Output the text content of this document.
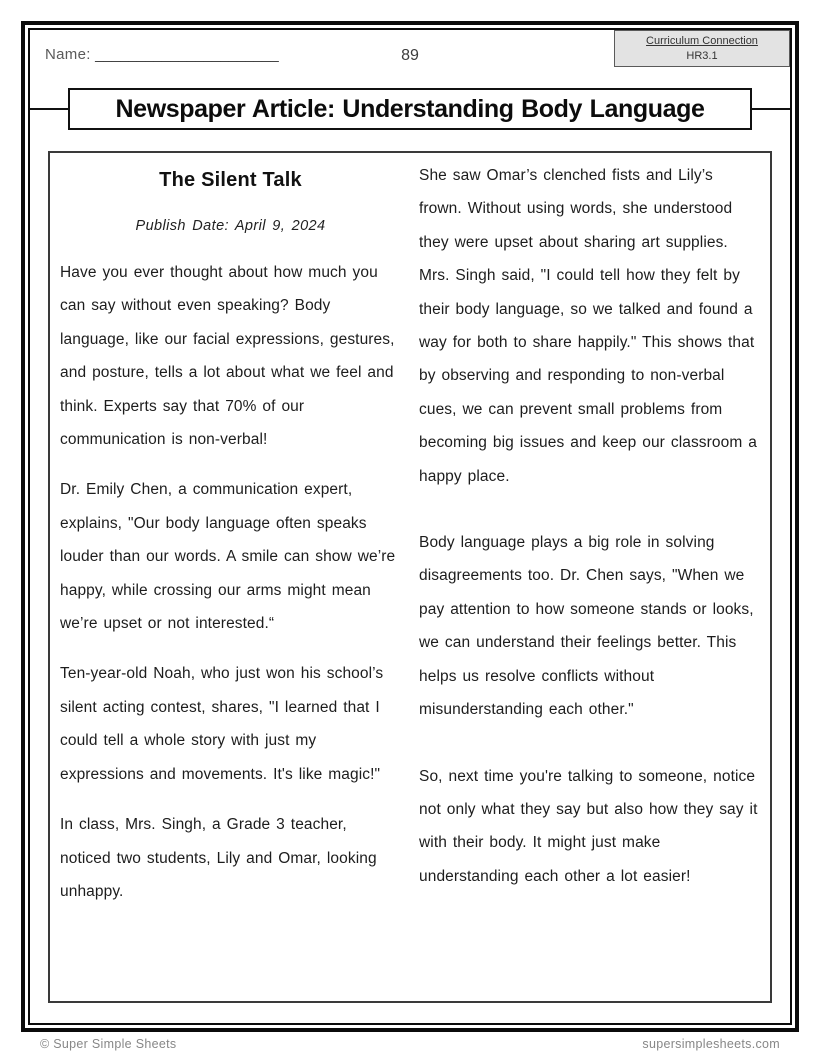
Name: ______________________	89
Curriculum Connection
HR3.1
Newspaper Article: Understanding Body Language
The Silent Talk
Publish Date: April 9, 2024

Have you ever thought about how much you can say without even speaking? Body language, like our facial expressions, gestures, and posture, tells a lot about what we feel and think. Experts say that 70% of our communication is non-verbal!

Dr. Emily Chen, a communication expert, explains, "Our body language often speaks louder than our words. A smile can show we’re happy, while crossing our arms might mean we’re upset or not interested.“

Ten-year-old Noah, who just won his school’s silent acting contest, shares, "I learned that I could tell a whole story with just my expressions and movements. It's like magic!"

In class, Mrs. Singh, a Grade 3 teacher, noticed two students, Lily and Omar, looking unhappy.

She saw Omar’s clenched fists and Lily’s frown. Without using words, she understood they were upset about sharing art supplies. Mrs. Singh said, "I could tell how they felt by their body language, so we talked and found a way for both to share happily." This shows that by observing and responding to non-verbal cues, we can prevent small problems from becoming big issues and keep our classroom a happy place.

Body language plays a big role in solving disagreements too. Dr. Chen says, "When we pay attention to how someone stands or looks, we can understand their feelings better. This helps us resolve conflicts without misunderstanding each other."

So, next time you're talking to someone, notice not only what they say but also how they say it with their body. It might just make understanding each other a lot easier!

© Super Simple Sheets	supersimplesheets.com
